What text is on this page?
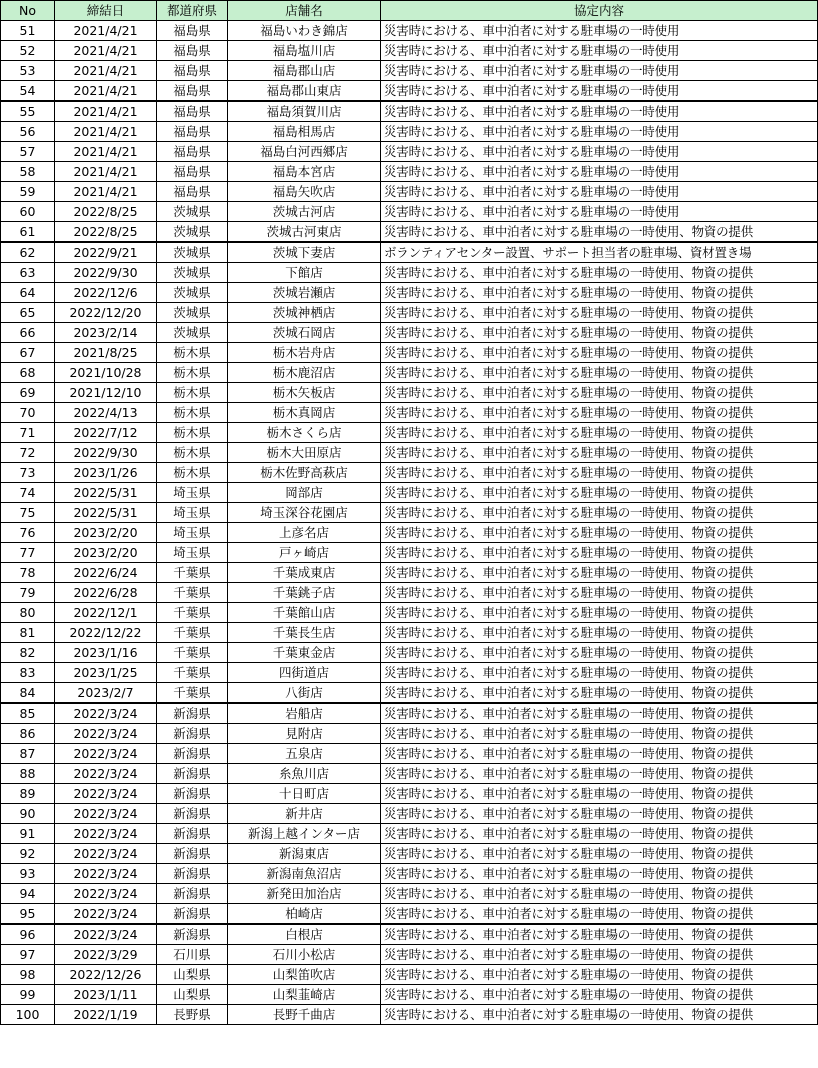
No	締結日	都道府県	店舗名	協定内容
51	2021/4/21	福島県	福島いわき錦店	災害時における、車中泊者に対する駐車場の一時使用
52	2021/4/21	福島県	福島塩川店	災害時における、車中泊者に対する駐車場の一時使用
53	2021/4/21	福島県	福島郡山店	災害時における、車中泊者に対する駐車場の一時使用
54	2021/4/21	福島県	福島郡山東店	災害時における、車中泊者に対する駐車場の一時使用
55	2021/4/21	福島県	福島須賀川店	災害時における、車中泊者に対する駐車場の一時使用
56	2021/4/21	福島県	福島相馬店	災害時における、車中泊者に対する駐車場の一時使用
57	2021/4/21	福島県	福島白河西郷店	災害時における、車中泊者に対する駐車場の一時使用
58	2021/4/21	福島県	福島本宮店	災害時における、車中泊者に対する駐車場の一時使用
59	2021/4/21	福島県	福島矢吹店	災害時における、車中泊者に対する駐車場の一時使用
60	2022/8/25	茨城県	茨城古河店	災害時における、車中泊者に対する駐車場の一時使用
61	2022/8/25	茨城県	茨城古河東店	災害時における、車中泊者に対する駐車場の一時使用、物資の提供
62	2022/9/21	茨城県	茨城下妻店	ボランティアセンター設置、サポート担当者の駐車場、資材置き場
63	2022/9/30	茨城県	下館店	災害時における、車中泊者に対する駐車場の一時使用、物資の提供
64	2022/12/6	茨城県	茨城岩瀬店	災害時における、車中泊者に対する駐車場の一時使用、物資の提供
65	2022/12/20	茨城県	茨城神栖店	災害時における、車中泊者に対する駐車場の一時使用、物資の提供
66	2023/2/14	茨城県	茨城石岡店	災害時における、車中泊者に対する駐車場の一時使用、物資の提供
67	2021/8/25	栃木県	栃木岩舟店	災害時における、車中泊者に対する駐車場の一時使用、物資の提供
68	2021/10/28	栃木県	栃木鹿沼店	災害時における、車中泊者に対する駐車場の一時使用、物資の提供
69	2021/12/10	栃木県	栃木矢板店	災害時における、車中泊者に対する駐車場の一時使用、物資の提供
70	2022/4/13	栃木県	栃木真岡店	災害時における、車中泊者に対する駐車場の一時使用、物資の提供
71	2022/7/12	栃木県	栃木さくら店	災害時における、車中泊者に対する駐車場の一時使用、物資の提供
72	2022/9/30	栃木県	栃木大田原店	災害時における、車中泊者に対する駐車場の一時使用、物資の提供
73	2023/1/26	栃木県	栃木佐野高萩店	災害時における、車中泊者に対する駐車場の一時使用、物資の提供
74	2022/5/31	埼玉県	岡部店	災害時における、車中泊者に対する駐車場の一時使用、物資の提供
75	2022/5/31	埼玉県	埼玉深谷花園店	災害時における、車中泊者に対する駐車場の一時使用、物資の提供
76	2023/2/20	埼玉県	上彦名店	災害時における、車中泊者に対する駐車場の一時使用、物資の提供
77	2023/2/20	埼玉県	戸ヶ崎店	災害時における、車中泊者に対する駐車場の一時使用、物資の提供
78	2022/6/24	千葉県	千葉成東店	災害時における、車中泊者に対する駐車場の一時使用、物資の提供
79	2022/6/28	千葉県	千葉銚子店	災害時における、車中泊者に対する駐車場の一時使用、物資の提供
80	2022/12/1	千葉県	千葉館山店	災害時における、車中泊者に対する駐車場の一時使用、物資の提供
81	2022/12/22	千葉県	千葉長生店	災害時における、車中泊者に対する駐車場の一時使用、物資の提供
82	2023/1/16	千葉県	千葉東金店	災害時における、車中泊者に対する駐車場の一時使用、物資の提供
83	2023/1/25	千葉県	四街道店	災害時における、車中泊者に対する駐車場の一時使用、物資の提供
84	2023/2/7	千葉県	八街店	災害時における、車中泊者に対する駐車場の一時使用、物資の提供
85	2022/3/24	新潟県	岩船店	災害時における、車中泊者に対する駐車場の一時使用、物資の提供
86	2022/3/24	新潟県	見附店	災害時における、車中泊者に対する駐車場の一時使用、物資の提供
87	2022/3/24	新潟県	五泉店	災害時における、車中泊者に対する駐車場の一時使用、物資の提供
88	2022/3/24	新潟県	糸魚川店	災害時における、車中泊者に対する駐車場の一時使用、物資の提供
89	2022/3/24	新潟県	十日町店	災害時における、車中泊者に対する駐車場の一時使用、物資の提供
90	2022/3/24	新潟県	新井店	災害時における、車中泊者に対する駐車場の一時使用、物資の提供
91	2022/3/24	新潟県	新潟上越インター店	災害時における、車中泊者に対する駐車場の一時使用、物資の提供
92	2022/3/24	新潟県	新潟東店	災害時における、車中泊者に対する駐車場の一時使用、物資の提供
93	2022/3/24	新潟県	新潟南魚沼店	災害時における、車中泊者に対する駐車場の一時使用、物資の提供
94	2022/3/24	新潟県	新発田加治店	災害時における、車中泊者に対する駐車場の一時使用、物資の提供
95	2022/3/24	新潟県	柏崎店	災害時における、車中泊者に対する駐車場の一時使用、物資の提供
96	2022/3/24	新潟県	白根店	災害時における、車中泊者に対する駐車場の一時使用、物資の提供
97	2022/3/29	石川県	石川小松店	災害時における、車中泊者に対する駐車場の一時使用、物資の提供
98	2022/12/26	山梨県	山梨笛吹店	災害時における、車中泊者に対する駐車場の一時使用、物資の提供
99	2023/1/11	山梨県	山梨韮崎店	災害時における、車中泊者に対する駐車場の一時使用、物資の提供
100	2022/1/19	長野県	長野千曲店	災害時における、車中泊者に対する駐車場の一時使用、物資の提供
